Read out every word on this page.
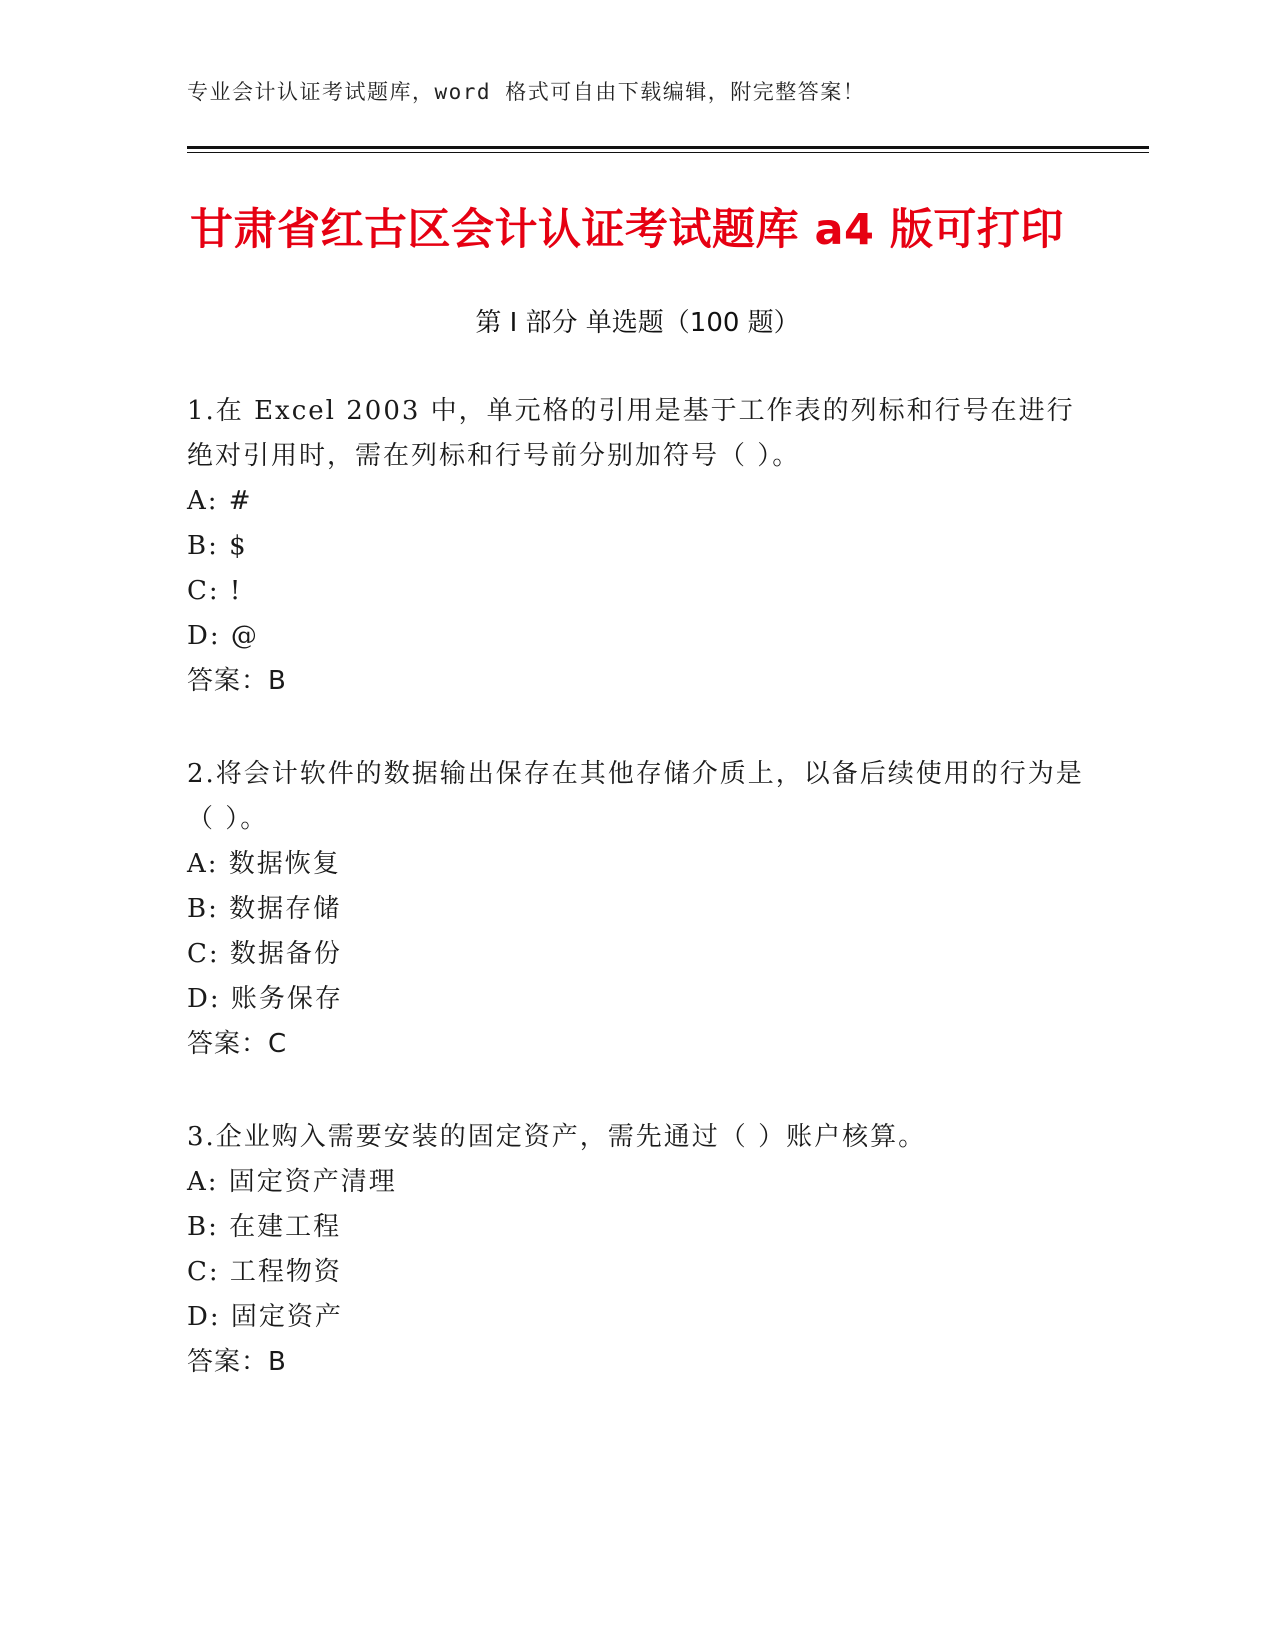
专业会计认证考试题库，word 格式可自由下载编辑，附完整答案！
甘肃省红古区会计认证考试题库 a4 版可打印
第 I 部分 单选题（100 题）

1.在 Excel 2003 中，单元格的引用是基于工作表的列标和行号在进行绝对引用时，需在列标和行号前分别加符号（ ）。

A: #

B: $

C: !

D: @

答案：B

2.将会计软件的数据输出保存在其他存储介质上，以备后续使用的行为是（ ）。

A: 数据恢复

B: 数据存储

C: 数据备份

D: 账务保存

答案：C

3.企业购入需要安装的固定资产，需先通过（ ）账户核算。

A: 固定资产清理

B: 在建工程

C: 工程物资

D: 固定资产

答案：B
